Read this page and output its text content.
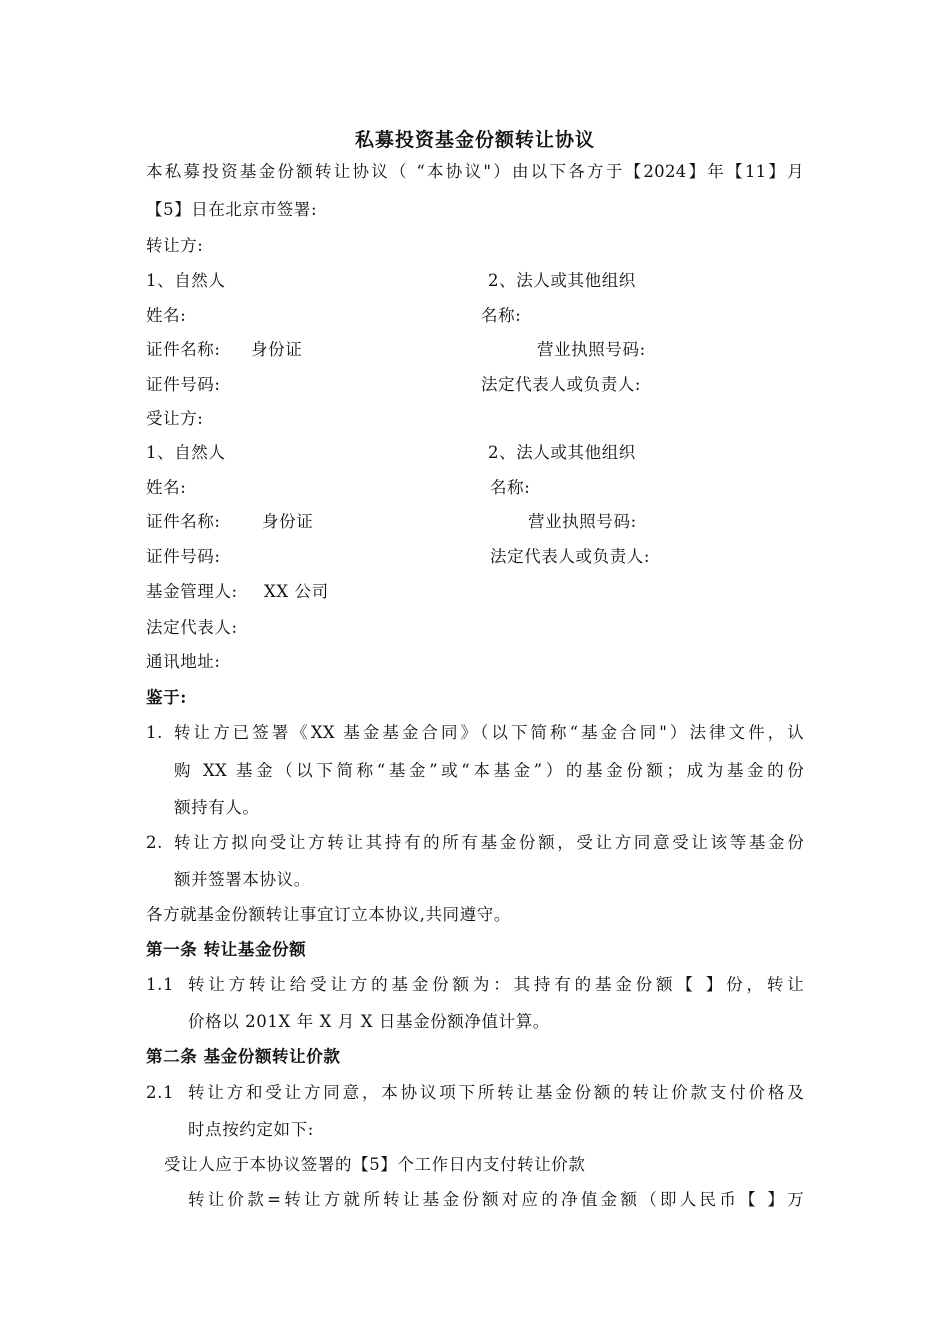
私募投资基金份额转让协议
本私募投资基金份额转让协议（ “本协议"）由以下各方于【2024】年【11】月
【5】日在北京市签署:
转让方:
1、自然人	2、法人或其他组织
姓名:	名称:
证件名称: 身份证	营业执照号码:
证件号码:	法定代表人或负责人:
受让方:
1、自然人	2、法人或其他组织
姓名:	名称:
证件名称:	身份证	营业执照号码:
证件号码:	法定代表人或负责人:
基金管理人: XX 公司
法定代表人:
通讯地址:
鉴于:
1. 转让方已签署《XX 基金基金合同》（以下简称“基金合同"）法律文件，认
购 XX 基金（以下简称“基金”或“本基金”）的基金份额；成为基金的份
额持有人。
2. 转让方拟向受让方转让其持有的所有基金份额，受让方同意受让该等基金份
额并签署本协议。
各方就基金份额转让事宜订立本协议,共同遵守。
第一条 转让基金份额
1.1 转让方转让给受让方的基金份额为：其持有的基金份额【 】份，转让
价格以 201X 年 X 月 X 日基金份额净值计算。
第二条 基金份额转让价款
2.1 转让方和受让方同意，本协议项下所转让基金份额的转让价款支付价格及
时点按约定如下:
受让人应于本协议签署的【5】个工作日内支付转让价款
转让价款=转让方就所转让基金份额对应的净值金额（即人民币【 】万
